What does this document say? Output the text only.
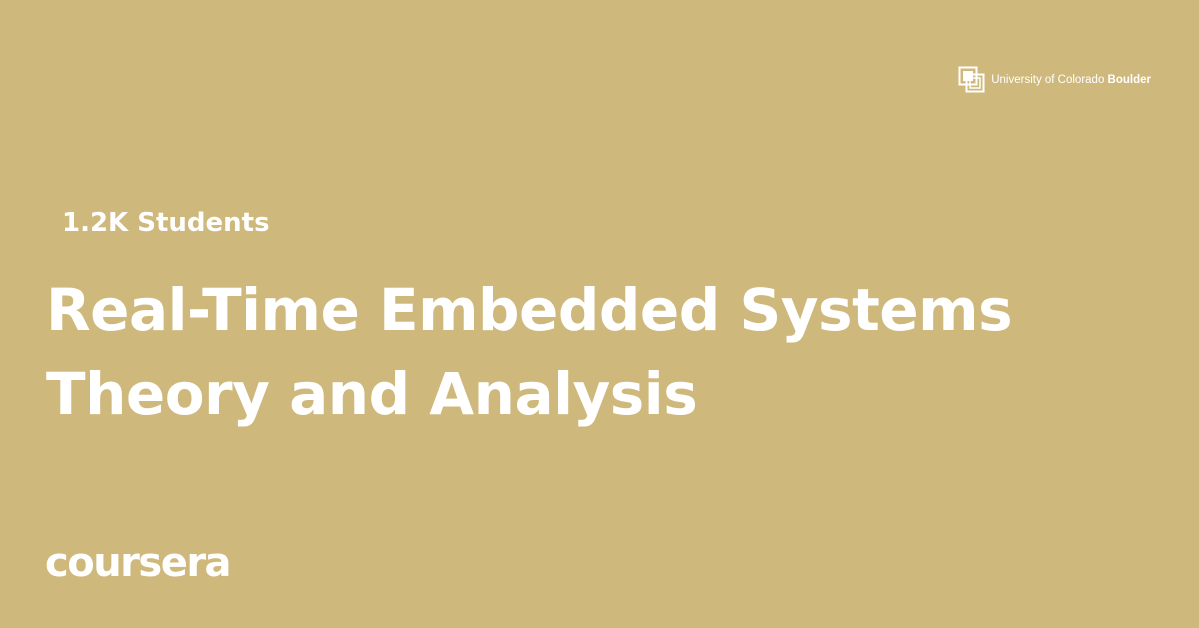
University of Colorado Boulder
1.2K Students
Real-Time Embedded Systems
Theory and Analysis
coursera
